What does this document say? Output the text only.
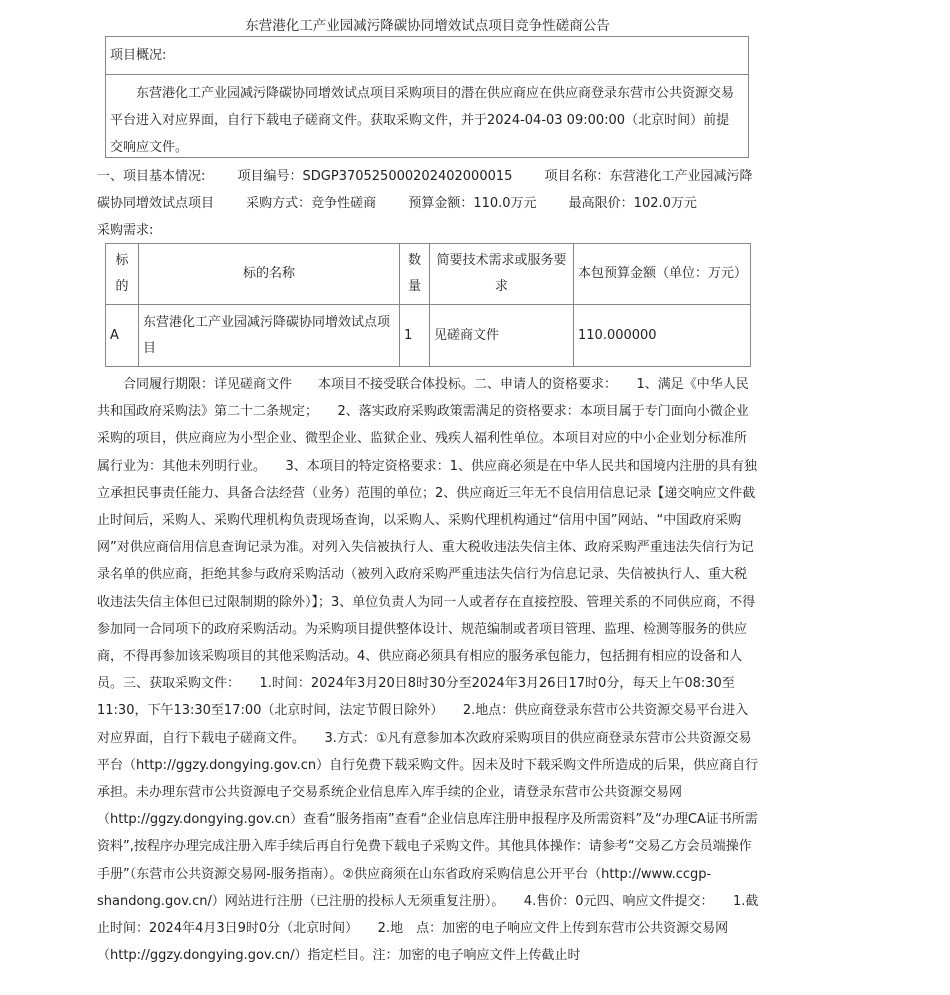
东营港化工产业园减污降碳协同增效试点项目竞争性磋商公告
项目概况:
东营港化工产业园减污降碳协同增效试点项目采购项目的潜在供应商应在供应商登录东营市公共资源交易平台进入对应界面，自行下载电子磋商文件。获取采购文件，并于2024-04-03 09:00:00（北京时间）前提交响应文件。
一、项目基本情况: 项目编号：SDGP370525000202402000015 项目名称：东营港化工产业园减污降碳协同增效试点项目 采购方式：竞争性磋商 预算金额：110.0万元 最高限价：102.0万元 采购需求:
标的	标的名称	数量	简要技术需求或服务要求	本包预算金额（单位：万元）
A	东营港化工产业园减污降碳协同增效试点项目	1	见磋商文件	110.000000
合同履行期限：详见磋商文件　　本项目不接受联合体投标。二、申请人的资格要求：　　1、满足《中华人民共和国政府采购法》第二十二条规定；　　2、落实政府采购政策需满足的资格要求：本项目属于专门面向小微企业采购的项目，供应商应为小型企业、微型企业、监狱企业、残疾人福利性单位。本项目对应的中小企业划分标准所属行业为：其他未列明行业。　　3、本项目的特定资格要求：1、供应商必须是在中华人民共和国境内注册的具有独立承担民事责任能力、具备合法经营（业务）范围的单位；2、供应商近三年无不良信用信息记录【递交响应文件截止时间后，采购人、采购代理机构负责现场查询，以采购人、采购代理机构通过“信用中国”网站、“中国政府采购网”对供应商信用信息查询记录为准。对列入失信被执行人、重大税收违法失信主体、政府采购严重违法失信行为记录名单的供应商，拒绝其参与政府采购活动（被列入政府采购严重违法失信行为信息记录、失信被执行人、重大税收违法失信主体但已过限制期的除外）】；3、单位负责人为同一人或者存在直接控股、管理关系的不同供应商，不得参加同一合同项下的政府采购活动。为采购项目提供整体设计、规范编制或者项目管理、监理、检测等服务的供应商，不得再参加该采购项目的其他采购活动。4、供应商必须具有相应的服务承包能力，包括拥有相应的设备和人员。三、获取采购文件：　　1.时间：2024年3月20日8时30分至2024年3月26日17时0分，每天上午08:30至11:30，下午13:30至17:00（北京时间，法定节假日除外）　　2.地点：供应商登录东营市公共资源交易平台进入对应界面，自行下载电子磋商文件。　　3.方式：①凡有意参加本次政府采购项目的供应商登录东营市公共资源交易平台（http://ggzy.dongying.gov.cn）自行免费下载采购文件。因未及时下载采购文件所造成的后果，供应商自行承担。未办理东营市公共资源电子交易系统企业信息库入库手续的企业，请登录东营市公共资源交易网（http://ggzy.dongying.gov.cn）查看“服务指南”查看“企业信息库注册申报程序及所需资料”及“办理CA证书所需资料”,按程序办理完成注册入库手续后再自行免费下载电子采购文件。其他具体操作：请参考“交易乙方会员端操作手册”（东营市公共资源交易网-服务指南）。②供应商须在山东省政府采购信息公开平台（http://www.ccgp-shandong.gov.cn/）网站进行注册（已注册的投标人无须重复注册）。　　4.售价：0元四、响应文件提交：　　1.截止时间：2024年4月3日9时0分（北京时间）　　2.地　点：加密的电子响应文件上传到东营市公共资源交易网（http://ggzy.dongying.gov.cn/）指定栏目。注：加密的电子响应文件上传截止时
